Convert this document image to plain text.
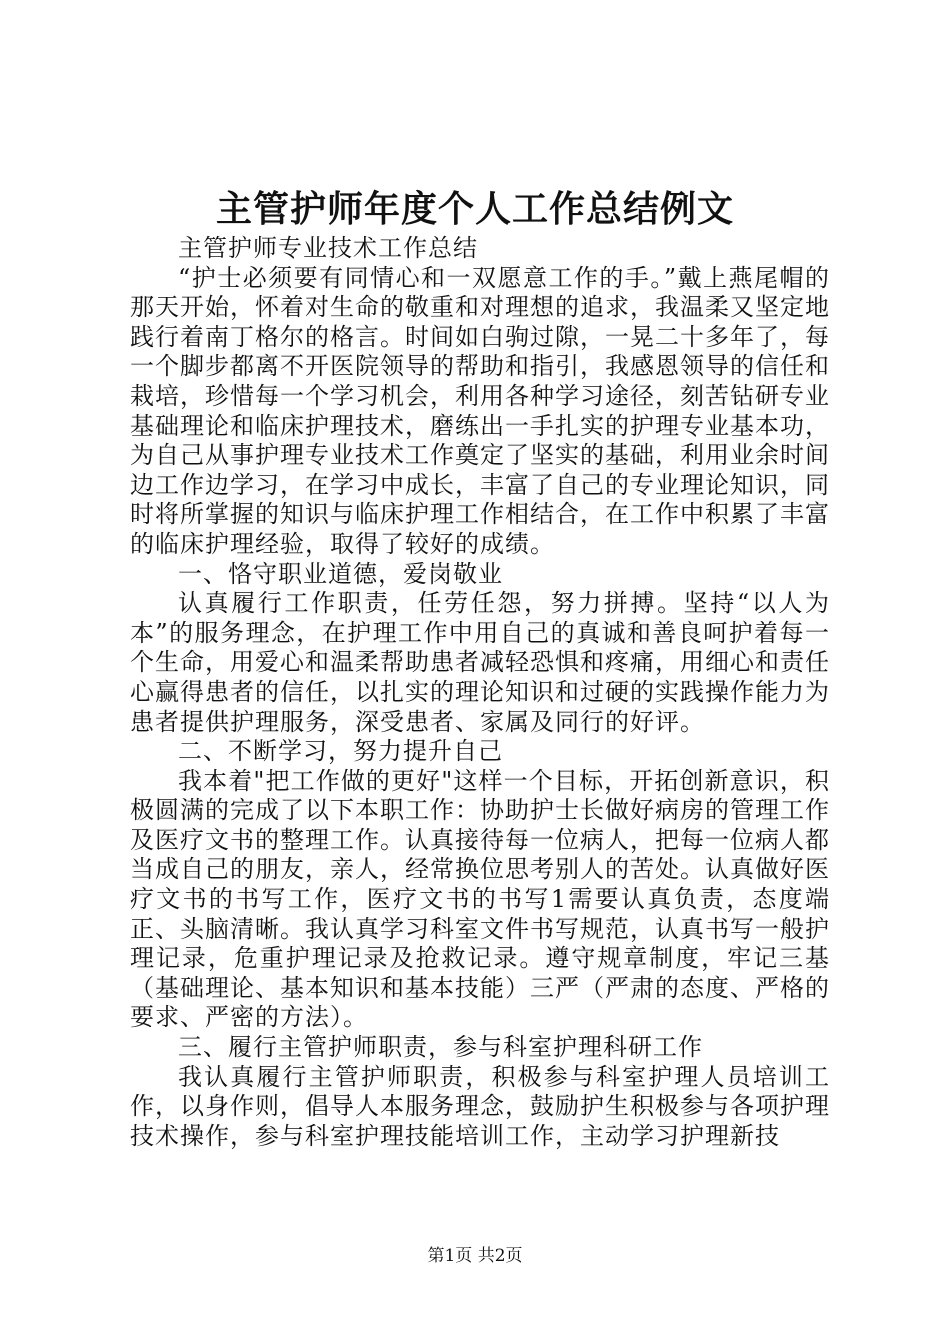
主管护师年度个人工作总结例文

主管护师专业技术工作总结

“护士必须要有同情心和一双愿意工作的手。”戴上燕尾帽的那天开始，怀着对生命的敬重和对理想的追求，我温柔又坚定地践行着南丁格尔的格言。时间如白驹过隙，一晃二十多年了，每一个脚步都离不开医院领导的帮助和指引，我感恩领导的信任和栽培，珍惜每一个学习机会，利用各种学习途径，刻苦钻研专业基础理论和临床护理技术，磨练出一手扎实的护理专业基本功，为自己从事护理专业技术工作奠定了坚实的基础，利用业余时间边工作边学习，在学习中成长，丰富了自己的专业理论知识，同时将所掌握的知识与临床护理工作相结合，在工作中积累了丰富的临床护理经验，取得了较好的成绩。

一、恪守职业道德，爱岗敬业

认真履行工作职责，任劳任怨，努力拼搏。坚持“以人为本”的服务理念，在护理工作中用自己的真诚和善良呵护着每一个生命，用爱心和温柔帮助患者减轻恐惧和疼痛，用细心和责任心赢得患者的信任，以扎实的理论知识和过硬的实践操作能力为患者提供护理服务，深受患者、家属及同行的好评。

二、不断学习，努力提升自己

我本着"把工作做的更好"这样一个目标，开拓创新意识，积极圆满的完成了以下本职工作：协助护士长做好病房的管理工作及医疗文书的整理工作。认真接待每一位病人，把每一位病人都当成自己的朋友，亲人，经常换位思考别人的苦处。认真做好医疗文书的书写工作，医疗文书的书写1需要认真负责，态度端正、头脑清晰。我认真学习科室文件书写规范，认真书写一般护理记录，危重护理记录及抢救记录。遵守规章制度，牢记三基（基础理论、基本知识和基本技能）三严（严肃的态度、严格的要求、严密的方法）。

三、履行主管护师职责，参与科室护理科研工作

我认真履行主管护师职责，积极参与科室护理人员培训工作，以身作则，倡导人本服务理念，鼓励护生积极参与各项护理技术操作，参与科室护理技能培训工作，主动学习护理新技

第1页 共2页
